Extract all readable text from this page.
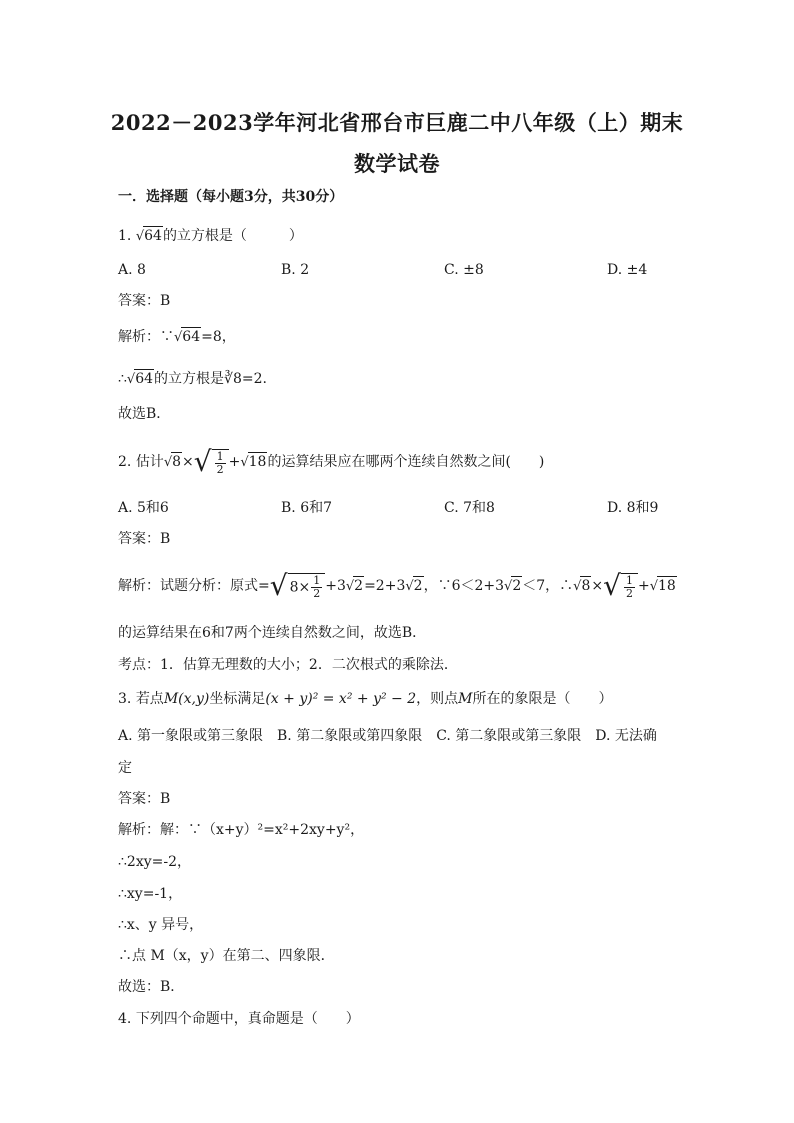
2022－2023学年河北省邢台市巨鹿二中八年级（上）期末
数学试卷
一．选择题（每小题3分，共30分）
1. √64的立方根是（　　　）
A. 8	B. 2	C. ±8	D. ±4
答案：B
解析：∵√64=8，
∴√64的立方根是∛8=2.
故选B．
2. 估计$√8\times√ \frac{1}{2} +√18$的运算结果应在哪两个连续自然数之间(　　)
A. 5和6	B. 6和7	C. 7和8	D. 8和9
答案：B
解析：试题分析：原式=√ $8\times \frac{1}{2} +3√2=2+3√2$，∵6＜2+3√2＜7，∴√8×√ $\frac{1}{2} +√18$
的运算结果在6和7两个连续自然数之间，故选B．
考点：1．估算无理数的大小；2．二次根式的乘除法．
3. 若点M(x,y)坐标满足(x + y)² = x² + y² − 2，则点M所在的象限是（　　）
A. 第一象限或第三象限　B. 第二象限或第四象限　C. 第二象限或第三象限　D. 无法确
定
答案：B
解析：解：∵（x+y）²=x²+2xy+y²，
∴2xy=-2，
∴xy=-1，
∴x、y 异号，
∴点 M（x，y）在第二、四象限．
故选：B．
4. 下列四个命题中，真命题是（　　）
